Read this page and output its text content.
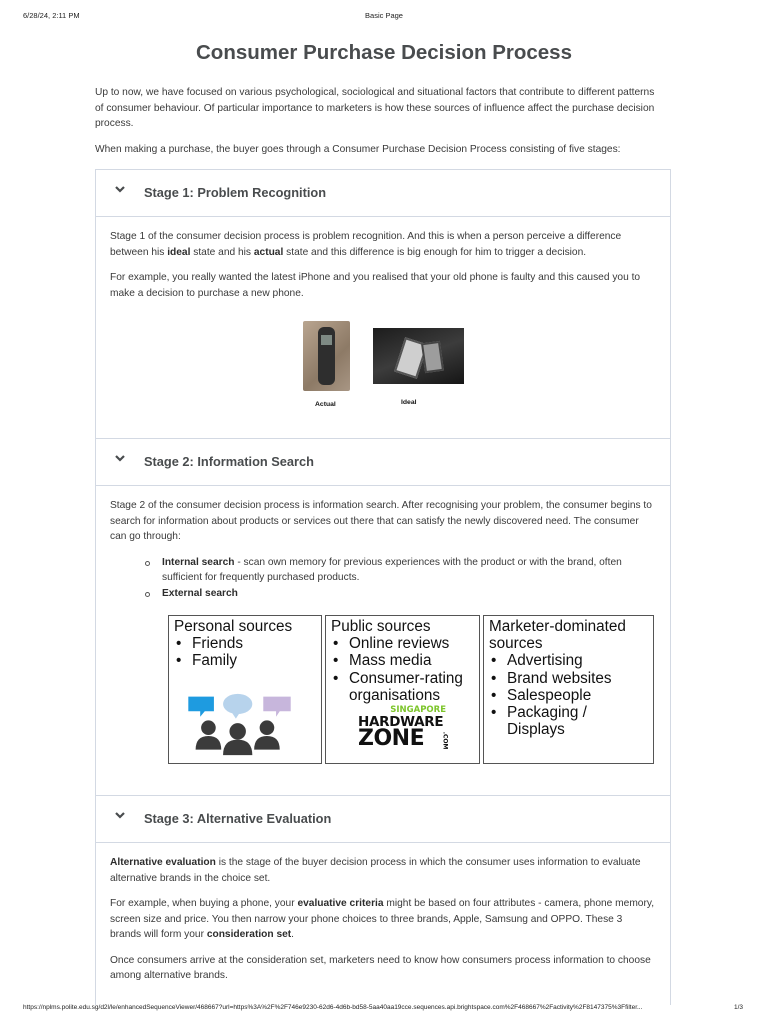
6/28/24, 2:11 PM	Basic Page
Consumer Purchase Decision Process

Up to now, we have focused on various psychological, sociological and situational factors that contribute to different patterns of consumer behaviour. Of particular importance to marketers is how these sources of influence affect the purchase decision process.

When making a purchase, the buyer goes through a Consumer Purchase Decision Process consisting of five stages:

Stage 1: Problem Recognition

Stage 1 of the consumer decision process is problem recognition. And this is when a person perceive a difference between his ideal state and his actual state and this difference is big enough for him to trigger a decision.

For example, you really wanted the latest iPhone and you realised that your old phone is faulty and this caused you to make a decision to purchase a new phone.

Actual	Ideal
Stage 2: Information Search

Stage 2 of the consumer decision process is information search. After recognising your problem, the consumer begins to search for information about products or services out there that can satisfy the newly discovered need. The consumer can go through:

Internal search - scan own memory for previous experiences with the product or with the brand, often sufficient for frequently purchased products.
External search
Personal sources
• Friends
• Family
Public sources
• Online reviews
• Mass media
• Consumer-rating organisations
SINGAPORE
HARDWARE
ZONE	.COM
Marketer-dominated sources
• Advertising
• Brand websites
• Salespeople
• Packaging / Displays
Stage 3: Alternative Evaluation

Alternative evaluation is the stage of the buyer decision process in which the consumer uses information to evaluate alternative brands in the choice set.

For example, when buying a phone, your evaluative criteria might be based on four attributes - camera, phone memory, screen size and price. You then narrow your phone choices to three brands, Apple, Samsung and OPPO. These 3 brands will form your consideration set.

Once consumers arrive at the consideration set, marketers need to know how consumers process information to choose among alternative brands.

https://nplms.polite.edu.sg/d2l/le/enhancedSequenceViewer/468667?url=https%3A%2F%2F746e9230-62d6-4d6b-bd58-5aa40aa19cce.sequences.api.brightspace.com%2F468667%2Factivity%2F8147375%3Ffilter...	1/3
